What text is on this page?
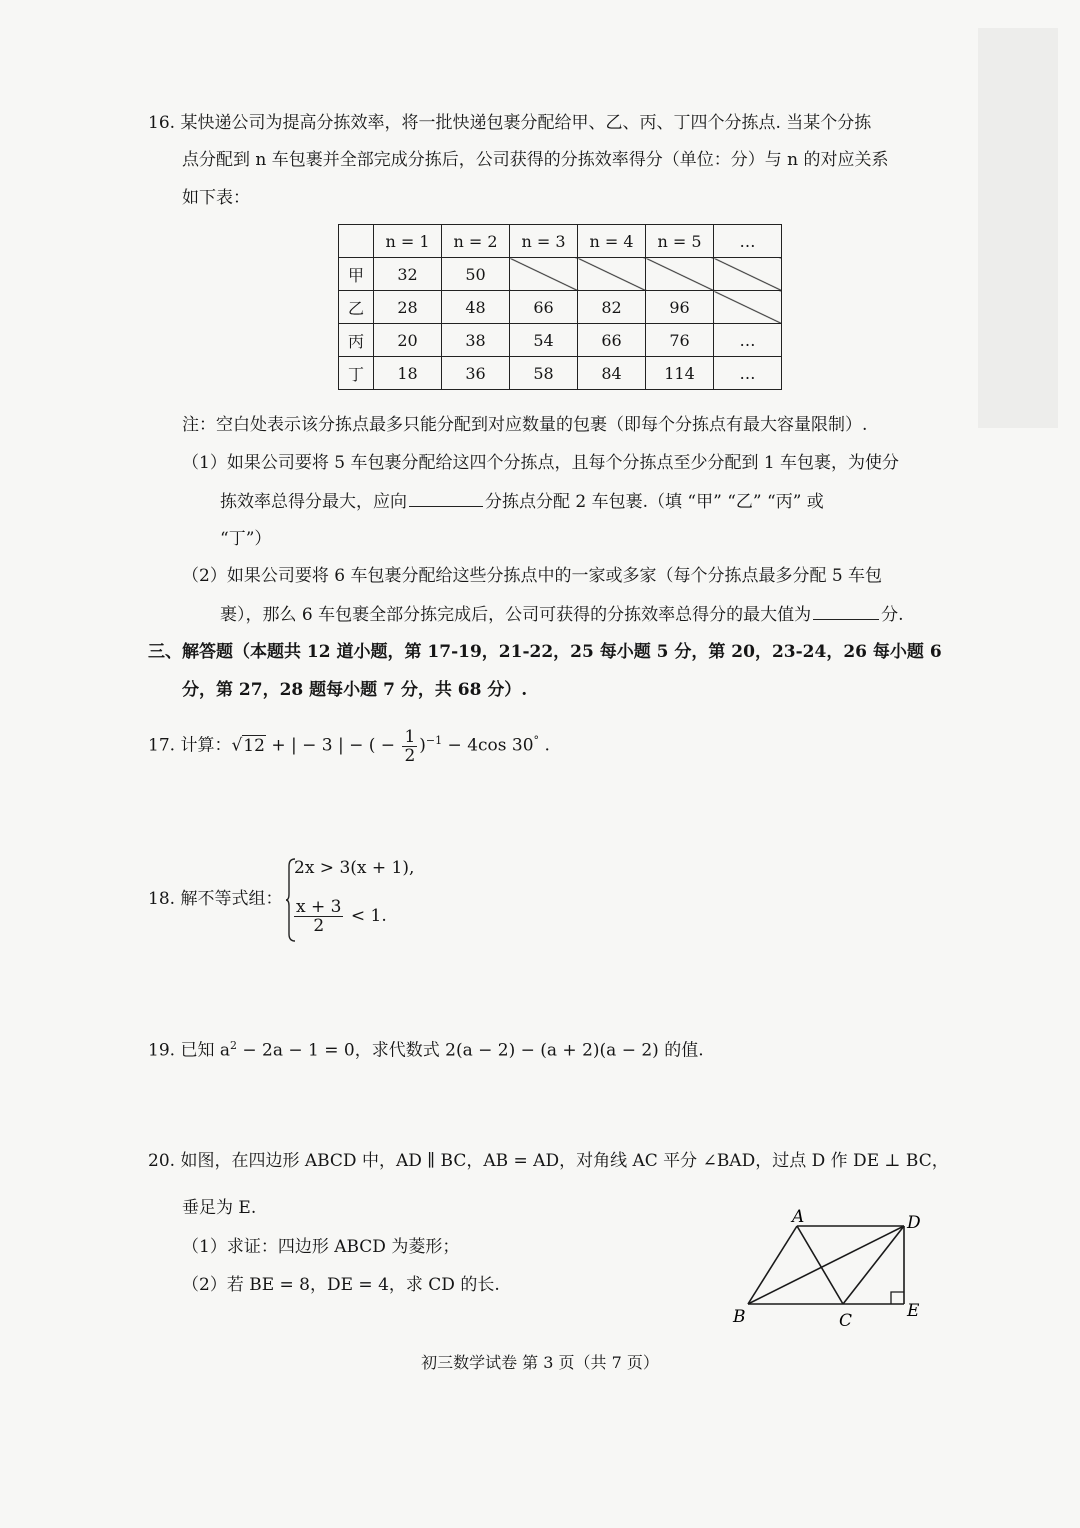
16. 某快递公司为提高分拣效率，将一批快递包裹分配给甲、乙、丙、丁四个分拣点. 当某个分拣
点分配到 n 车包裹并全部完成分拣后，公司获得的分拣效率得分（单位：分）与 n 的对应关系
如下表：
	n = 1	n = 2	n = 3	n = 4	n = 5	…
甲	32	50				
乙	28	48	66	82	96	
丙	20	38	54	66	76	…
丁	18	36	58	84	114	…
注：空白处表示该分拣点最多只能分配到对应数量的包裹（即每个分拣点有最大容量限制）.
（1）如果公司要将 5 车包裹分配给这四个分拣点，且每个分拣点至少分配到 1 车包裹，为使分
拣效率总得分最大，应向	分拣点分配 2 车包裹.（填 “甲” “乙” “丙” 或
“丁”）
（2）如果公司要将 6 车包裹分配给这些分拣点中的一家或多家（每个分拣点最多分配 5 车包
裹），那么 6 车包裹全部分拣完成后，公司可获得的分拣效率总得分的最大值为	分.
三、解答题（本题共 12 道小题，第 17-19，21-22，25 每小题 5 分，第 20，23-24，26 每小题 6
分，第 27，28 题每小题 7 分，共 68 分）.
17. 计算：√12 + | − 3 | − ( − $\frac{1}{2} )^{-1} - 4\cos$ 30° .
18. 解不等式组：
2x > 3(x + 1),
$\frac{x + 3}{2} < 1$.
19. 已知 $a^2 - 2a - 1 = 0$，求代数式 2(a − 2) − (a + 2)(a − 2) 的值.
20. 如图，在四边形 ABCD 中，AD ∥ BC，AB = AD，对角线 AC 平分 ∠BAD，过点 D 作 DE ⊥ BC，
垂足为 E.
（1）求证：四边形 ABCD 为菱形；
（2）若 BE = 8，DE = 4，求 CD 的长.
A	D
B	C	E
初三数学试卷 第 3 页（共 7 页）
